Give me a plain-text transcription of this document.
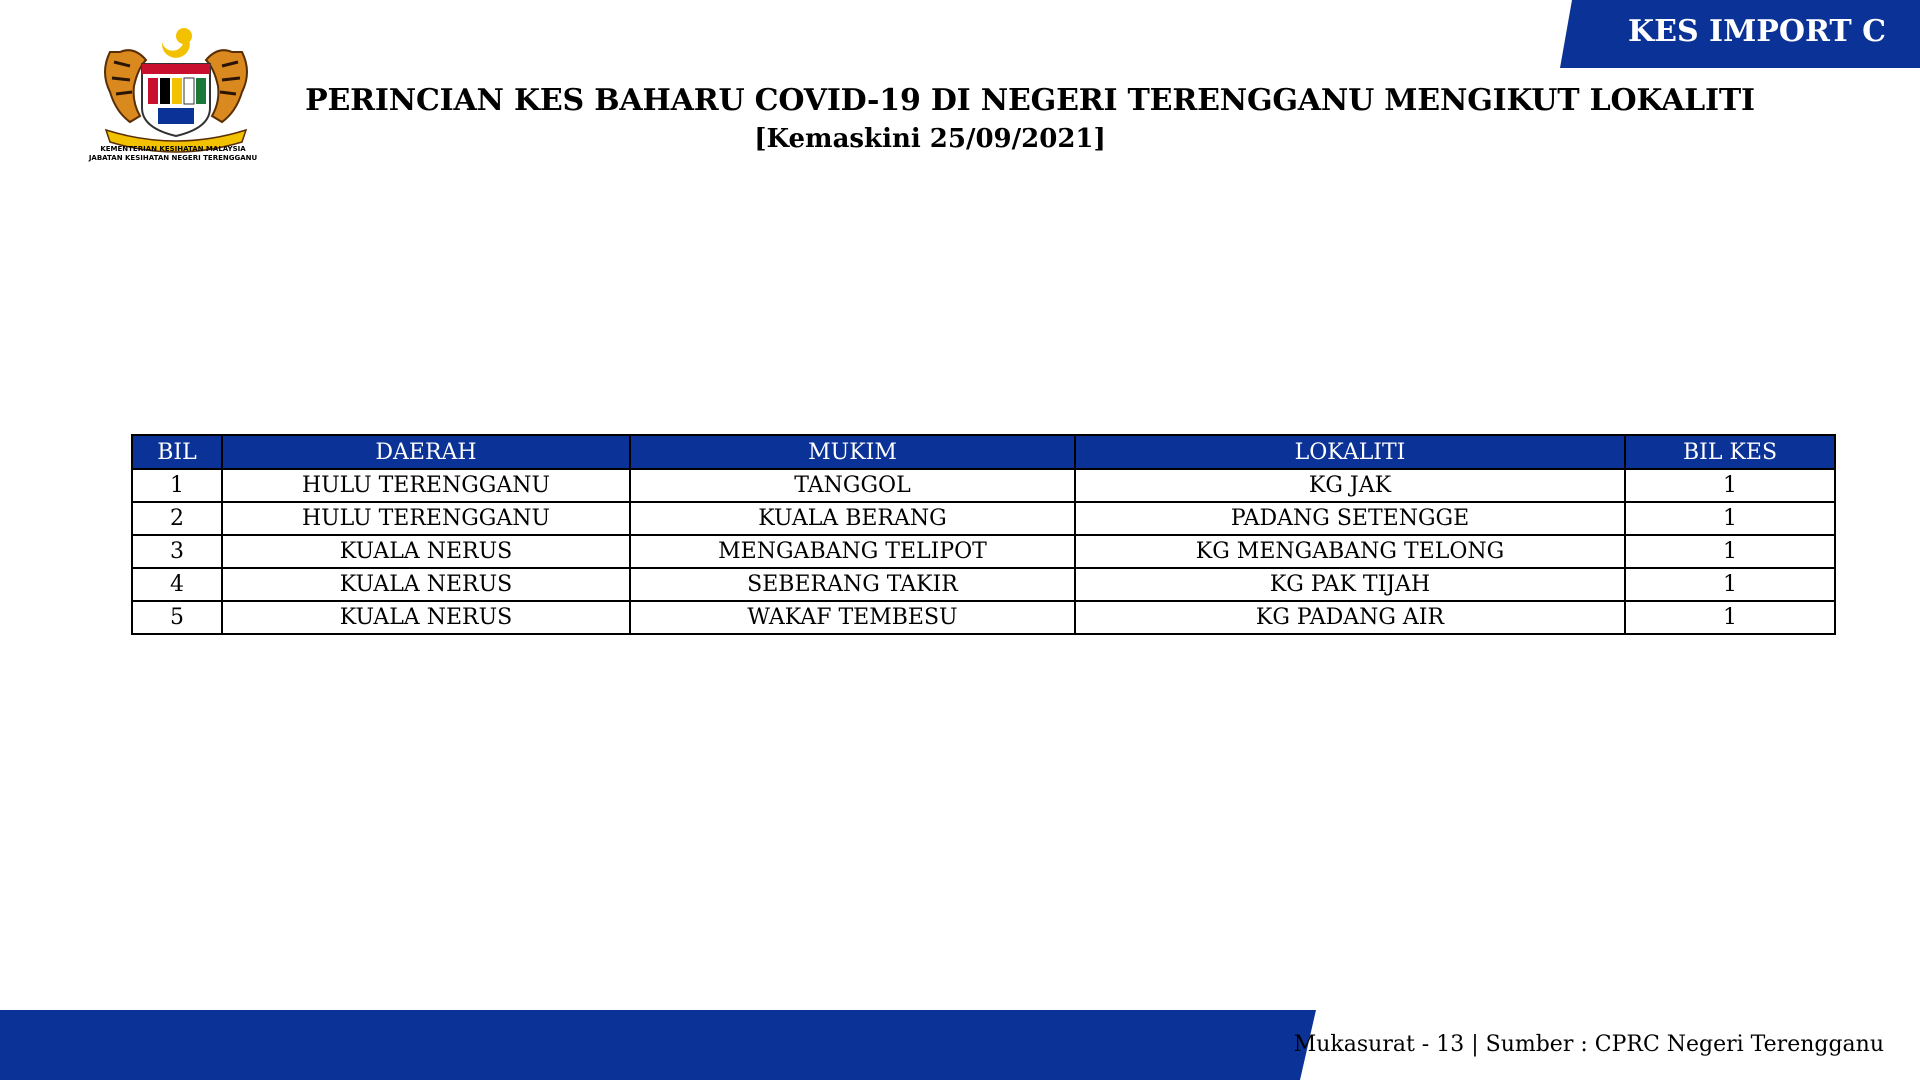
KES IMPORT C
KEMENTERIAN KESIHATAN MALAYSIA
JABATAN KESIHATAN NEGERI TERENGGANU
PERINCIAN KES BAHARU COVID-19 DI NEGERI TERENGGANU MENGIKUT LOKALITI
[Kemaskini 25/09/2021]
BIL	DAERAH	MUKIM	LOKALITI	BIL KES
1	HULU TERENGGANU	TANGGOL	KG JAK	1
2	HULU TERENGGANU	KUALA BERANG	PADANG SETENGGE	1
3	KUALA NERUS	MENGABANG TELIPOT	KG MENGABANG TELONG	1
4	KUALA NERUS	SEBERANG TAKIR	KG PAK TIJAH	1
5	KUALA NERUS	WAKAF TEMBESU	KG PADANG AIR	1
Mukasurat - 13 | Sumber : CPRC Negeri Terengganu
